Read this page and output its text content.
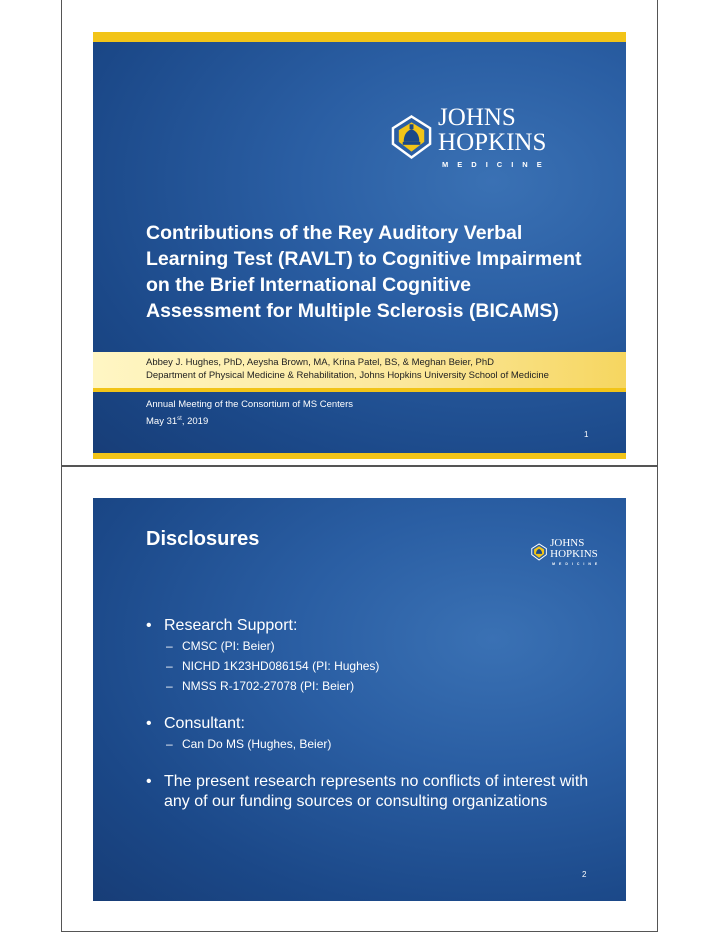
JOHNS HOPKINS
MEDICINE
Contributions of the Rey Auditory Verbal Learning Test (RAVLT) to Cognitive Impairment on the Brief International Cognitive Assessment for Multiple Sclerosis (BICAMS)
Abbey J. Hughes, PhD, Aeysha Brown, MA, Krina Patel, BS, & Meghan Beier, PhD
Department of Physical Medicine & Rehabilitation, Johns Hopkins University School of Medicine
Annual Meeting of the Consortium of MS Centers
May 31st, 2019
1
Disclosures	JOHNS HOPKINS
MEDICINE
• Research Support:
– CMSC (PI: Beier)
– NICHD 1K23HD086154 (PI: Hughes)
– NMSS R-1702-27078 (PI: Beier)
• Consultant:
– Can Do MS (Hughes, Beier)
• The present research represents no conflicts of interest with any of our funding sources or consulting organizations
2
